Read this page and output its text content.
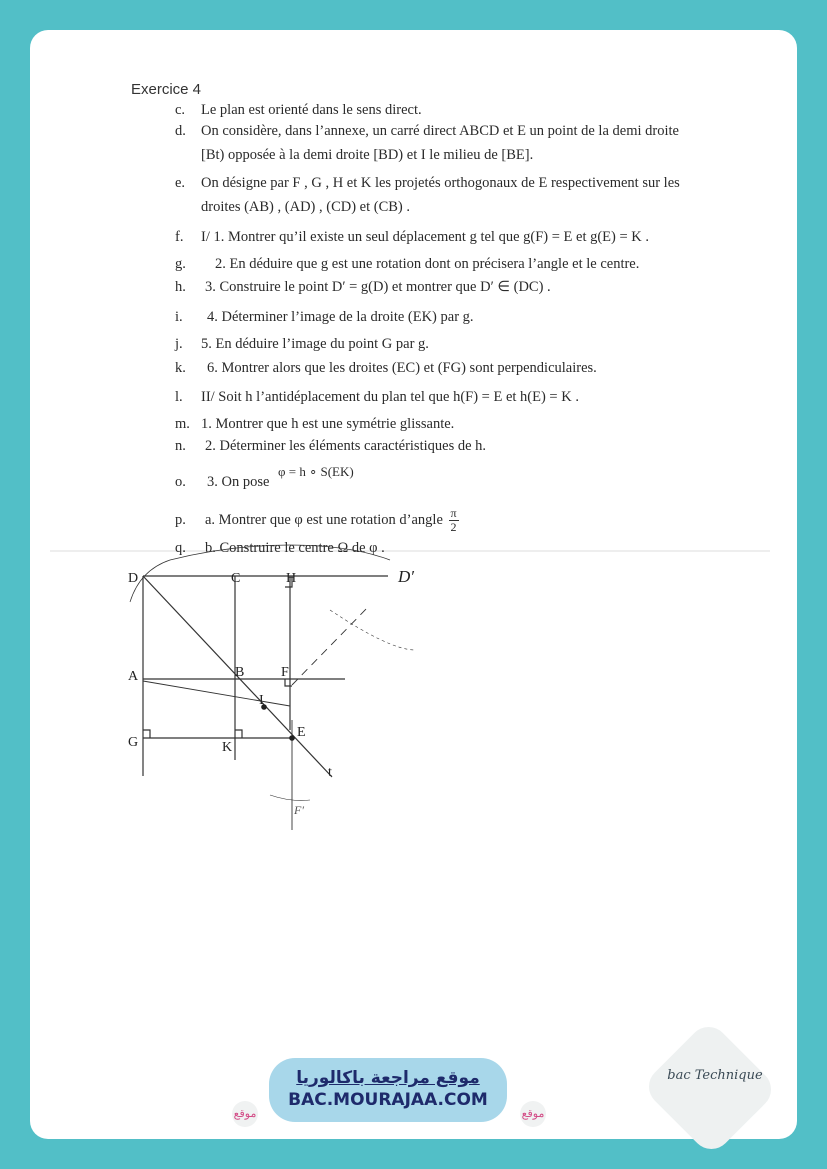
Exercice 4
c. Le plan est orienté dans le sens direct.
d. On considère, dans l’annexe, un carré direct ABCD et E un point de la demi droite
[Bt) opposée à la demi droite [BD) et I le milieu de [BE].
e. On désigne par F , G , H et K les projetés orthogonaux de E respectivement sur les
droites (AB) , (AD) , (CD) et (CB) .
f. I/ 1. Montrer qu’il existe un seul déplacement g tel que g(F) = E et g(E) = K .
g. 2. En déduire que g est une rotation dont on précisera l’angle et le centre.
h. 3. Construire le point D′ = g(D) et montrer que D′ ∈ (DC) .
i. 4. Déterminer l’image de la droite (EK) par g.
j. 5. En déduire l’image du point G par g.
k. 6. Montrer alors que les droites (EC) et (FG) sont perpendiculaires.
l. II/ Soit h l’antidéplacement du plan tel que h(F) = E et h(E) = K .
m. 1. Montrer que h est une symétrie glissante.
n. 2. Déterminer les éléments caractéristiques de h.
o. 3. On pose
φ = h ∘ S(EK)
p. a. Montrer que φ est une rotation d’angle $\frac{\pi}{2}$
q. b. Construire le centre Ω de φ .
D	C	H	D′
A	B	F
I
G	K
E
t
F′
موقع
موقع مراجعة باكالوريا
BAC.MOURAJAA.COM
موقع
bac Technique
